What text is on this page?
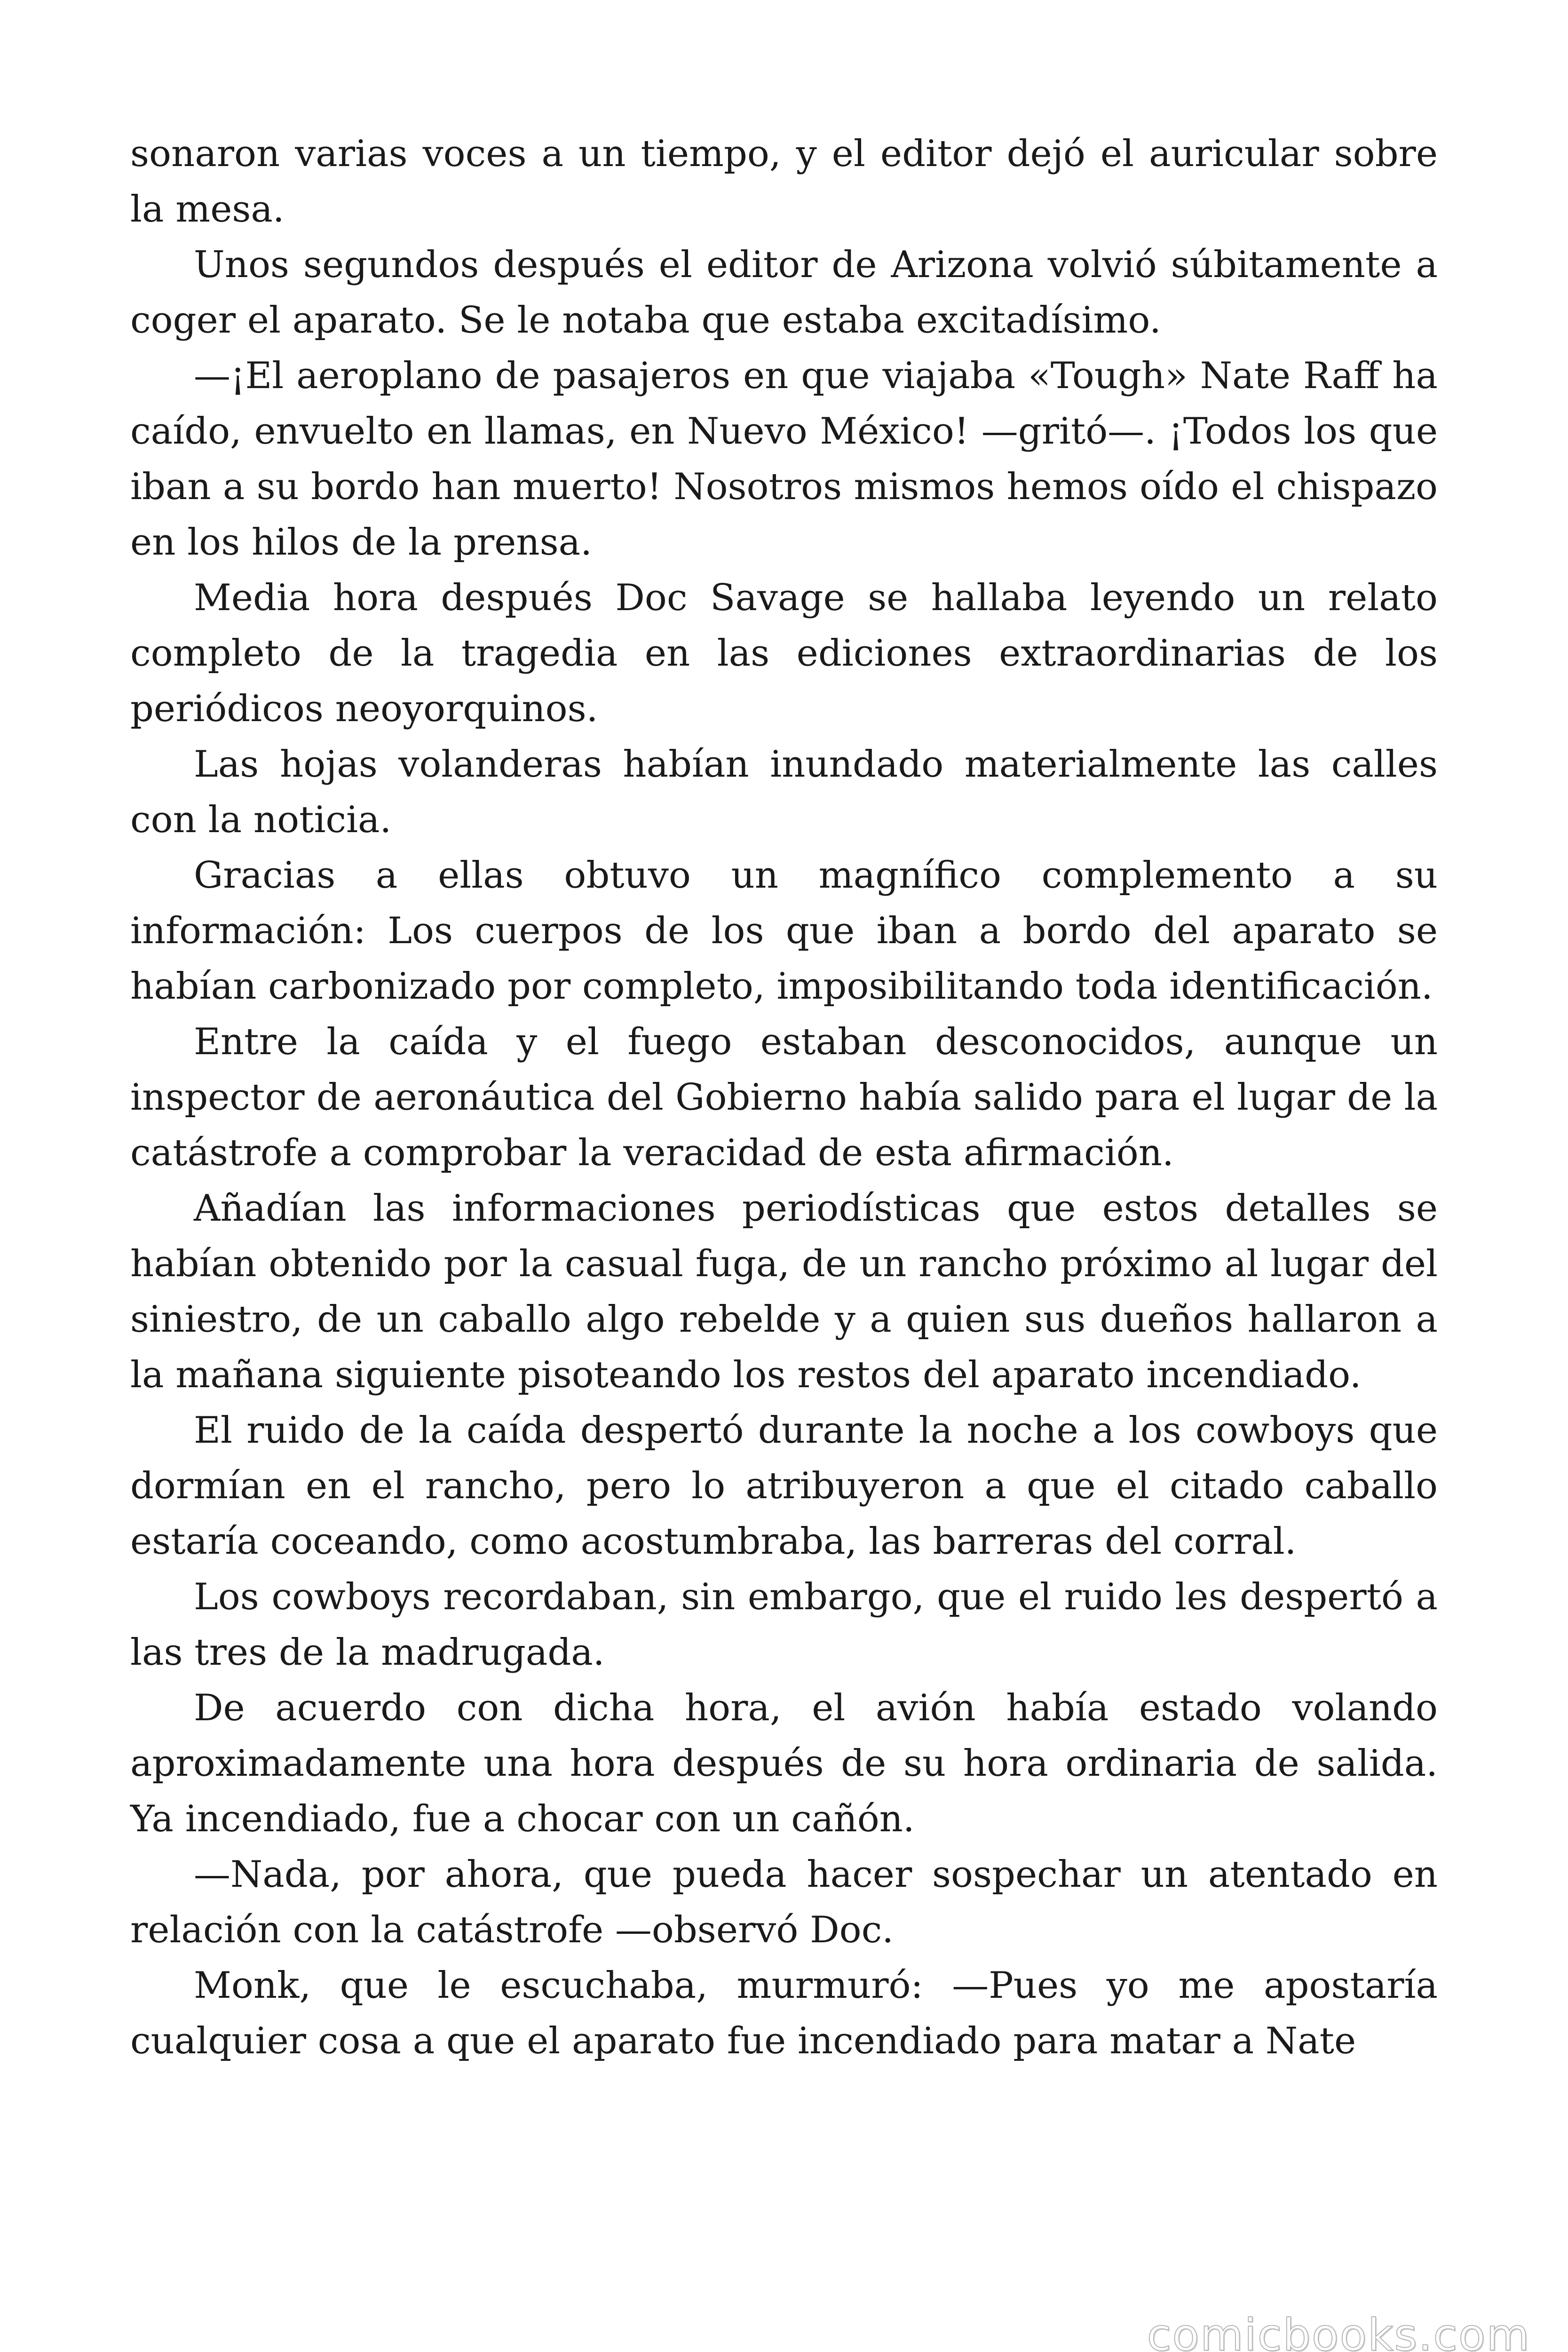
sonaron varias voces a un tiempo, y el editor dejó el auricular sobre la mesa.

Unos segundos después el editor de Arizona volvió súbitamente a coger el aparato. Se le notaba que estaba excitadísimo.

—¡El aeroplano de pasajeros en que viajaba «Tough» Nate Raff ha caído, envuelto en llamas, en Nuevo México! —gritó—. ¡Todos los que iban a su bordo han muerto! Nosotros mismos hemos oído el chispazo en los hilos de la prensa.

Media hora después Doc Savage se hallaba leyendo un relato completo de la tragedia en las ediciones extraordinarias de los periódicos neoyorquinos.

Las hojas volanderas habían inundado materialmente las calles con la noticia.

Gracias a ellas obtuvo un magnífico complemento a su información: Los cuerpos de los que iban a bordo del aparato se habían carbonizado por completo, imposibilitando toda identificación.

Entre la caída y el fuego estaban desconocidos, aunque un inspector de aeronáutica del Gobierno había salido para el lugar de la catástrofe a comprobar la veracidad de esta afirmación.

Añadían las informaciones periodísticas que estos detalles se habían obtenido por la casual fuga, de un rancho próximo al lugar del siniestro, de un caballo algo rebelde y a quien sus dueños hallaron a la mañana siguiente pisoteando los restos del aparato incendiado.

El ruido de la caída despertó durante la noche a los cowboys que dormían en el rancho, pero lo atribuyeron a que el citado caballo estaría coceando, como acostumbraba, las barreras del corral.

Los cowboys recordaban, sin embargo, que el ruido les despertó a las tres de la madrugada.

De acuerdo con dicha hora, el avión había estado volando aproximadamente una hora después de su hora ordinaria de salida. Ya incendiado, fue a chocar con un cañón.

—Nada, por ahora, que pueda hacer sospechar un atentado en relación con la catástrofe —observó Doc.

Monk, que le escuchaba, murmuró: —Pues yo me apostaría cualquier cosa a que el aparato fue incendiado para matar a Nate

comicbooks.com
